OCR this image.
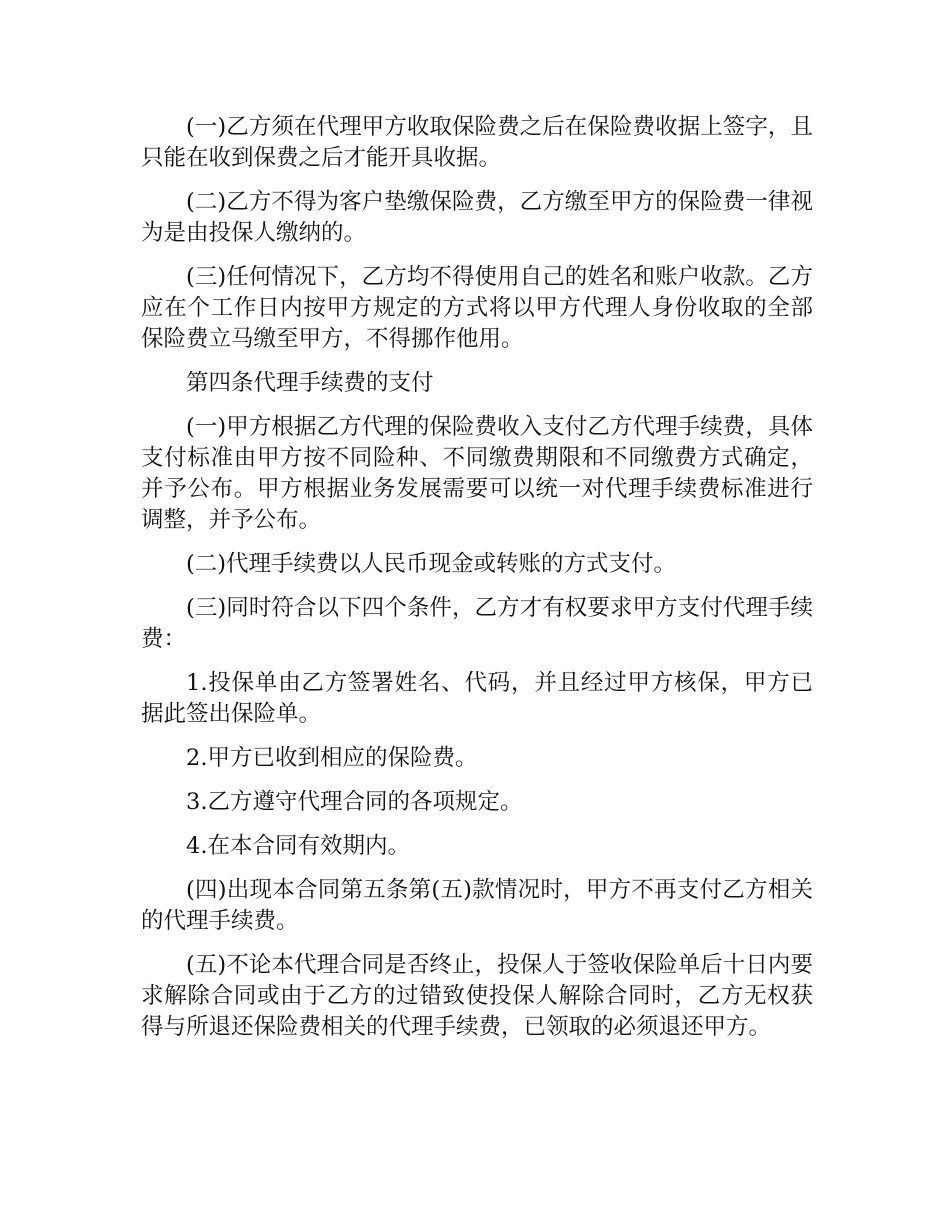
(一)乙方须在代理甲方收取保险费之后在保险费收据上签字，且只能在收到保费之后才能开具收据。

(二)乙方不得为客户垫缴保险费，乙方缴至甲方的保险费一律视为是由投保人缴纳的。

(三)任何情况下，乙方均不得使用自己的姓名和账户收款。乙方应在个工作日内按甲方规定的方式将以甲方代理人身份收取的全部保险费立马缴至甲方，不得挪作他用。

第四条代理手续费的支付

(一)甲方根据乙方代理的保险费收入支付乙方代理手续费，具体支付标准由甲方按不同险种、不同缴费期限和不同缴费方式确定，并予公布。甲方根据业务发展需要可以统一对代理手续费标准进行调整，并予公布。

(二)代理手续费以人民币现金或转账的方式支付。

(三)同时符合以下四个条件，乙方才有权要求甲方支付代理手续费：

1.投保单由乙方签署姓名、代码，并且经过甲方核保，甲方已据此签出保险单。

2.甲方已收到相应的保险费。

3.乙方遵守代理合同的各项规定。

4.在本合同有效期内。

(四)出现本合同第五条第(五)款情况时，甲方不再支付乙方相关的代理手续费。

(五)不论本代理合同是否终止，投保人于签收保险单后十日内要求解除合同或由于乙方的过错致使投保人解除合同时，乙方无权获得与所退还保险费相关的代理手续费，已领取的必须退还甲方。
